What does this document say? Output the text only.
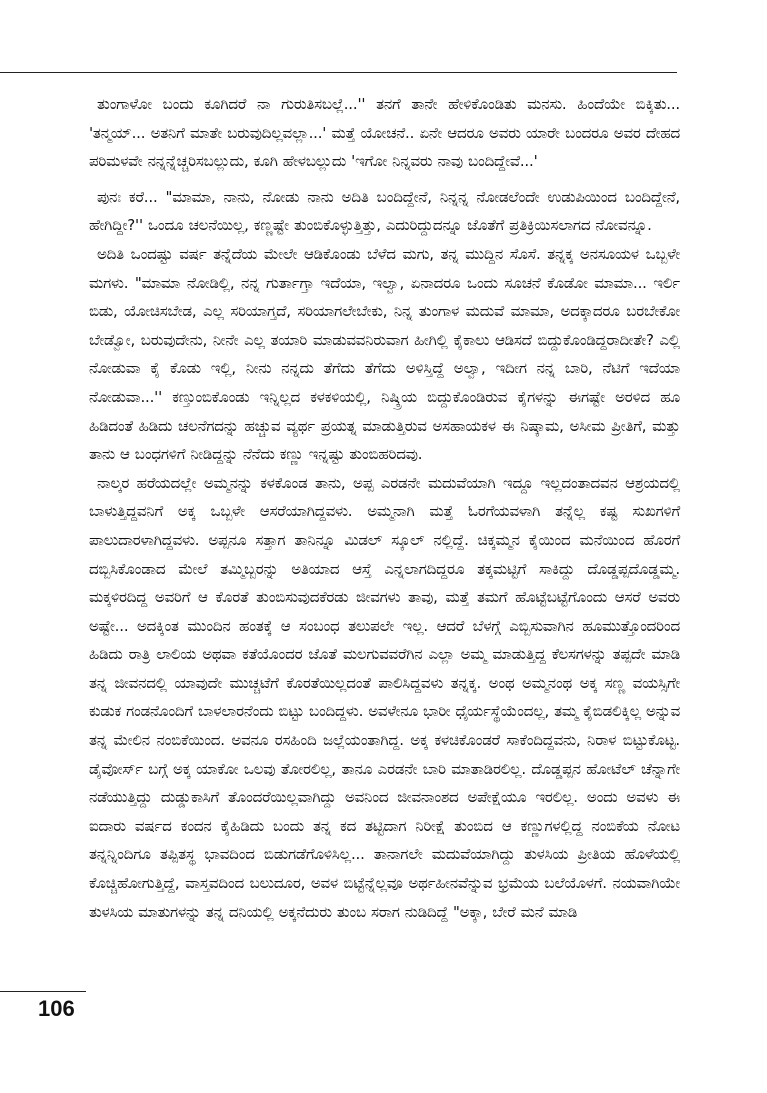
ತುಂಗಾಳೋ ಬಂದು ಕೂಗಿದರೆ ನಾ ಗುರುತಿಸಬಲ್ಲೆ...'' ತನಗೆ ತಾನೇ ಹೇಳಿಕೊಂಡಿತು ಮನಸು. ಹಿಂದೆಯೇ ಬಿಕ್ಕಿತು... 'ತನ್ಮಯ್... ಅತನಿಗೆ ಮಾತೇ ಬರುವುದಿಲ್ಲವಲ್ಲಾ...' ಮತ್ತೆ ಯೋಚನೆ.. ಏನೇ ಆದರೂ ಅವರು ಯಾರೇ ಬಂದರೂ ಅವರ ದೇಹದ ಪರಿಮಳವೇ ನನ್ನನ್ನೆಚ್ಚರಿಸಬಲ್ಲುದು, ಕೂಗಿ ಹೇಳಬಲ್ಲುದು 'ಇಗೋ ನಿನ್ನವರು ನಾವು ಬಂದಿದ್ದೇವೆ...'

ಪುನಃ ಕರೆ... "ಮಾಮಾ, ನಾನು, ನೋಡು ನಾನು ಅದಿತಿ ಬಂದಿದ್ದೇನೆ, ನಿನ್ನನ್ನ ನೋಡಲೆಂದೇ ಉಡುಪಿಯಿಂದ ಬಂದಿದ್ದೇನೆ, ಹೇಗಿದ್ದೀ?'' ಒಂದೂ ಚಲನೆಯಿಲ್ಲ, ಕಣ್ಣಷ್ಟೇ ತುಂಬಿಕೊಳ್ಳುತ್ತಿತ್ತು, ಎದುರಿದ್ದುದನ್ನೂ ಜೊತೆಗೆ ಪ್ರತಿಕ್ರಿಯಿಸಲಾಗದ ನೋವನ್ನೂ.

ಅದಿತಿ ಒಂದಷ್ಟು ವರ್ಷ ತನ್ನೆದೆಯ ಮೇಲೇ ಆಡಿಕೊಂಡು ಬೆಳೆದ ಮಗು, ತನ್ನ ಮುದ್ದಿನ ಸೊಸೆ. ತನ್ನಕ್ಕ ಅನಸೂಯಳ ಒಬ್ಬಳೇ ಮಗಳು. "ಮಾಮಾ ನೋಡಿಲ್ಲಿ, ನನ್ನ ಗುರ್ತಾಗ್ತಾ ಇದೆಯಾ, ಇಲ್ವಾ, ಏನಾದರೂ ಒಂದು ಸೂಚನೆ ಕೊಡೋ ಮಾಮಾ... ಇರ್ಲಿ ಬಿಡು, ಯೋಚಿಸಬೇಡ, ಎಲ್ಲ ಸರಿಯಾಗ್ತದೆ, ಸರಿಯಾಗಲೇಬೇಕು, ನಿನ್ನ ತುಂಗಾಳ ಮದುವೆ ಮಾಮಾ, ಅದಕ್ಕಾದರೂ ಬರಬೇಕೋ ಬೇಡ್ವೋ, ಬರುವುದೇನು, ನೀನೇ ಎಲ್ಲ ತಯಾರಿ ಮಾಡುವವನಿರುವಾಗ ಹೀಗಿಲ್ಲಿ ಕೈಕಾಲು ಆಡಿಸದೆ ಬಿದ್ದುಕೊಂಡಿದ್ದರಾದೀತೇ? ಎಲ್ಲಿ ನೋಡುವಾ ಕೈ ಕೊಡು ಇಲ್ಲಿ, ನೀನು ನನ್ನದು ತೆಗೆದು ತೆಗೆದು ಅಳಿಸ್ತಿದ್ದೆ ಅಲ್ವಾ, ಇದೀಗ ನನ್ನ ಬಾರಿ, ನೆಟಿಗೆ ಇದೆಯಾ ನೋಡುವಾ...'' ಕಣ್ತುಂಬಿಕೊಂಡು ಇನ್ನಿಲ್ಲದ ಕಳಕಳಿಯಲ್ಲಿ, ನಿಷ್ಕ್ರಿಯ ಬಿದ್ದುಕೊಂಡಿರುವ ಕೈಗಳನ್ನು ಈಗಷ್ಟೇ ಅರಳಿದ ಹೂ ಹಿಡಿದಂತೆ ಹಿಡಿದು ಚಲನೆಗದನ್ನು ಹಚ್ಚುವ ವ್ಯರ್ಥ ಪ್ರಯತ್ನ ಮಾಡುತ್ತಿರುವ ಅಸಹಾಯಕಳ ಈ ನಿಷ್ಕಾಮ, ಅಸೀಮ ಪ್ರೀತಿಗೆ, ಮತ್ತು ತಾನು ಆ ಬಂಧಗಳಿಗೆ ನೀಡಿದ್ದನ್ನು ನೆನೆದು ಕಣ್ಣು ಇನ್ನಷ್ಟು ತುಂಬಿಹರಿದವು.

ನಾಲ್ಕರ ಹರೆಯದಲ್ಲೇ ಅಮ್ಮನನ್ನು ಕಳಕೊಂಡ ತಾನು, ಅಪ್ಪ ಎರಡನೇ ಮದುವೆಯಾಗಿ ಇದ್ದೂ ಇಲ್ಲದಂತಾದವನ ಆಶ್ರಯದಲ್ಲಿ ಬಾಳುತ್ತಿದ್ದವನಿಗೆ ಅಕ್ಕ ಒಬ್ಬಳೇ ಆಸರೆಯಾಗಿದ್ದವಳು. ಅಮ್ಮನಾಗಿ ಮತ್ತೆ ಓರಗೆಯವಳಾಗಿ ತನ್ನೆಲ್ಲ ಕಷ್ಟ ಸುಖಗಳಿಗೆ ಪಾಲುದಾರಳಾಗಿದ್ದವಳು. ಅಪ್ಪನೂ ಸತ್ತಾಗ ತಾನಿನ್ನೂ ಮಿಡಲ್ ಸ್ಕೂಲ್ ನಲ್ಲಿದ್ದೆ. ಚಿಕ್ಕಮ್ಮನ ಕೈಯಿಂದ ಮನೆಯಿಂದ ಹೊರಗೆ ದಬ್ಬಿಸಿಕೊಂಡಾದ ಮೇಲೆ ತಮ್ಮಿಬ್ಬರನ್ನು ಅತಿಯಾದ ಆಸ್ತೆ ಎನ್ನಲಾಗದಿದ್ದರೂ ತಕ್ಕಮಟ್ಟಿಗೆ ಸಾಕಿದ್ದು ದೊಡ್ಡಪ್ಪದೊಡ್ಡಮ್ಮ. ಮಕ್ಕಳಿರದಿದ್ದ ಅವರಿಗೆ ಆ ಕೊರತೆ ತುಂಬಿಸುವುದಕೆರಡು ಜೀವಗಳು ತಾವು, ಮತ್ತೆ ತಮಗೆ ಹೊಟ್ಟೆಬಟ್ಟೆಗೊಂದು ಆಸರೆ ಅವರು ಅಷ್ಟೇ... ಅದಕ್ಕಿಂತ ಮುಂದಿನ ಹಂತಕ್ಕೆ ಆ ಸಂಬಂಧ ತಲುಪಲೇ ಇಲ್ಲ. ಆದರೆ ಬೆಳಗ್ಗೆ ಎಬ್ಬಿಸುವಾಗಿನ ಹೂಮುತ್ತೊಂದರಿಂದ ಹಿಡಿದು ರಾತ್ರಿ ಲಾಲಿಯ ಅಥವಾ ಕತೆಯೊಂದರ ಜೊತೆ ಮಲಗುವವರೆಗಿನ ಎಲ್ಲಾ ಅಮ್ಮ ಮಾಡುತ್ತಿದ್ದ ಕೆಲಸಗಳನ್ನು ತಪ್ಪದೇ ಮಾಡಿ ತನ್ನ ಜೀವನದಲ್ಲಿ ಯಾವುದೇ ಮುಚ್ಚಟೆಗೆ ಕೊರತೆಯಿಲ್ಲದಂತೆ ಪಾಲಿಸಿದ್ದವಳು ತನ್ನಕ್ಕ. ಅಂಥ ಅಮ್ಮನಂಥ ಅಕ್ಕ ಸಣ್ಣ ವಯಸ್ಸಿಗೇ ಕುಡುಕ ಗಂಡನೊಂದಿಗೆ ಬಾಳಲಾರನೆಂದು ಬಿಟ್ಟು ಬಂದಿದ್ದಳು. ಅವಳೇನೂ ಭಾರೀ ಧೈರ್ಯಸ್ಥೆಯೆಂದಲ್ಲ, ತಮ್ಮ ಕೈಬಿಡಲಿಕ್ಕಿಲ್ಲ ಅನ್ನುವ ತನ್ನ ಮೇಲಿನ ನಂಬಿಕೆಯಿಂದ. ಅವನೂ ರಸಹಿಂದಿ ಜಲ್ಲೆಯಂತಾಗಿದ್ದ. ಅಕ್ಕ ಕಳಚಿಕೊಂಡರೆ ಸಾಕೆಂದಿದ್ದವನು, ನಿರಾಳ ಬಿಟ್ಟುಕೊಟ್ಟ. ಡೈವೋರ್ಸ್ ಬಗ್ಗೆ ಅಕ್ಕ ಯಾಕೋ ಒಲವು ತೋರಲಿಲ್ಲ, ತಾನೂ ಎರಡನೇ ಬಾರಿ ಮಾತಾಡಿರಲಿಲ್ಲ. ದೊಡ್ಡಪ್ಪನ ಹೋಟೆಲ್ ಚೆನ್ನಾಗೇ ನಡೆಯುತ್ತಿದ್ದು ದುಡ್ಡುಕಾಸಿಗೆ ತೊಂದರೆಯಿಲ್ಲವಾಗಿದ್ದು ಅವನಿಂದ ಜೀವನಾಂಶದ ಅಪೇಕ್ಷೆಯೂ ಇರಲಿಲ್ಲ. ಅಂದು ಅವಳು ಈ ಐದಾರು ವರ್ಷದ ಕಂದನ ಕೈಹಿಡಿದು ಬಂದು ತನ್ನ ಕದ ತಟ್ಟಿದಾಗ ನಿರೀಕ್ಷೆ ತುಂಬಿದ ಆ ಕಣ್ಣುಗಳಲ್ಲಿದ್ದ ನಂಬಿಕೆಯ ನೋಟ ತನ್ನನ್ನಿಂದಿಗೂ ತಪ್ಪಿತಸ್ಥ ಭಾವದಿಂದ ಬಿಡುಗಡೆಗೊಳಿಸಿಲ್ಲ... ತಾನಾಗಲೇ ಮದುವೆಯಾಗಿದ್ದು ತುಳಸಿಯ ಪ್ರೀತಿಯ ಹೊಳೆಯಲ್ಲಿ ಕೊಚ್ಚಿಹೋಗುತ್ತಿದ್ದೆ, ವಾಸ್ತವದಿಂದ ಬಲುದೂರ, ಅವಳ ಬಿಟ್ಟೆನ್ನೆಲ್ಲವೂ ಅರ್ಥಹೀನವೆನ್ನುವ ಭ್ರಮೆಯ ಬಲೆಯೊಳಗೆ. ನಯವಾಗಿಯೇ ತುಳಸಿಯ ಮಾತುಗಳನ್ನು ತನ್ನ ದನಿಯಲ್ಲಿ ಅಕ್ಕನೆದುರು ತುಂಬ ಸರಾಗ ನುಡಿದಿದ್ದೆ "ಅಕ್ಕಾ, ಬೇರೆ ಮನೆ ಮಾಡಿ

106
